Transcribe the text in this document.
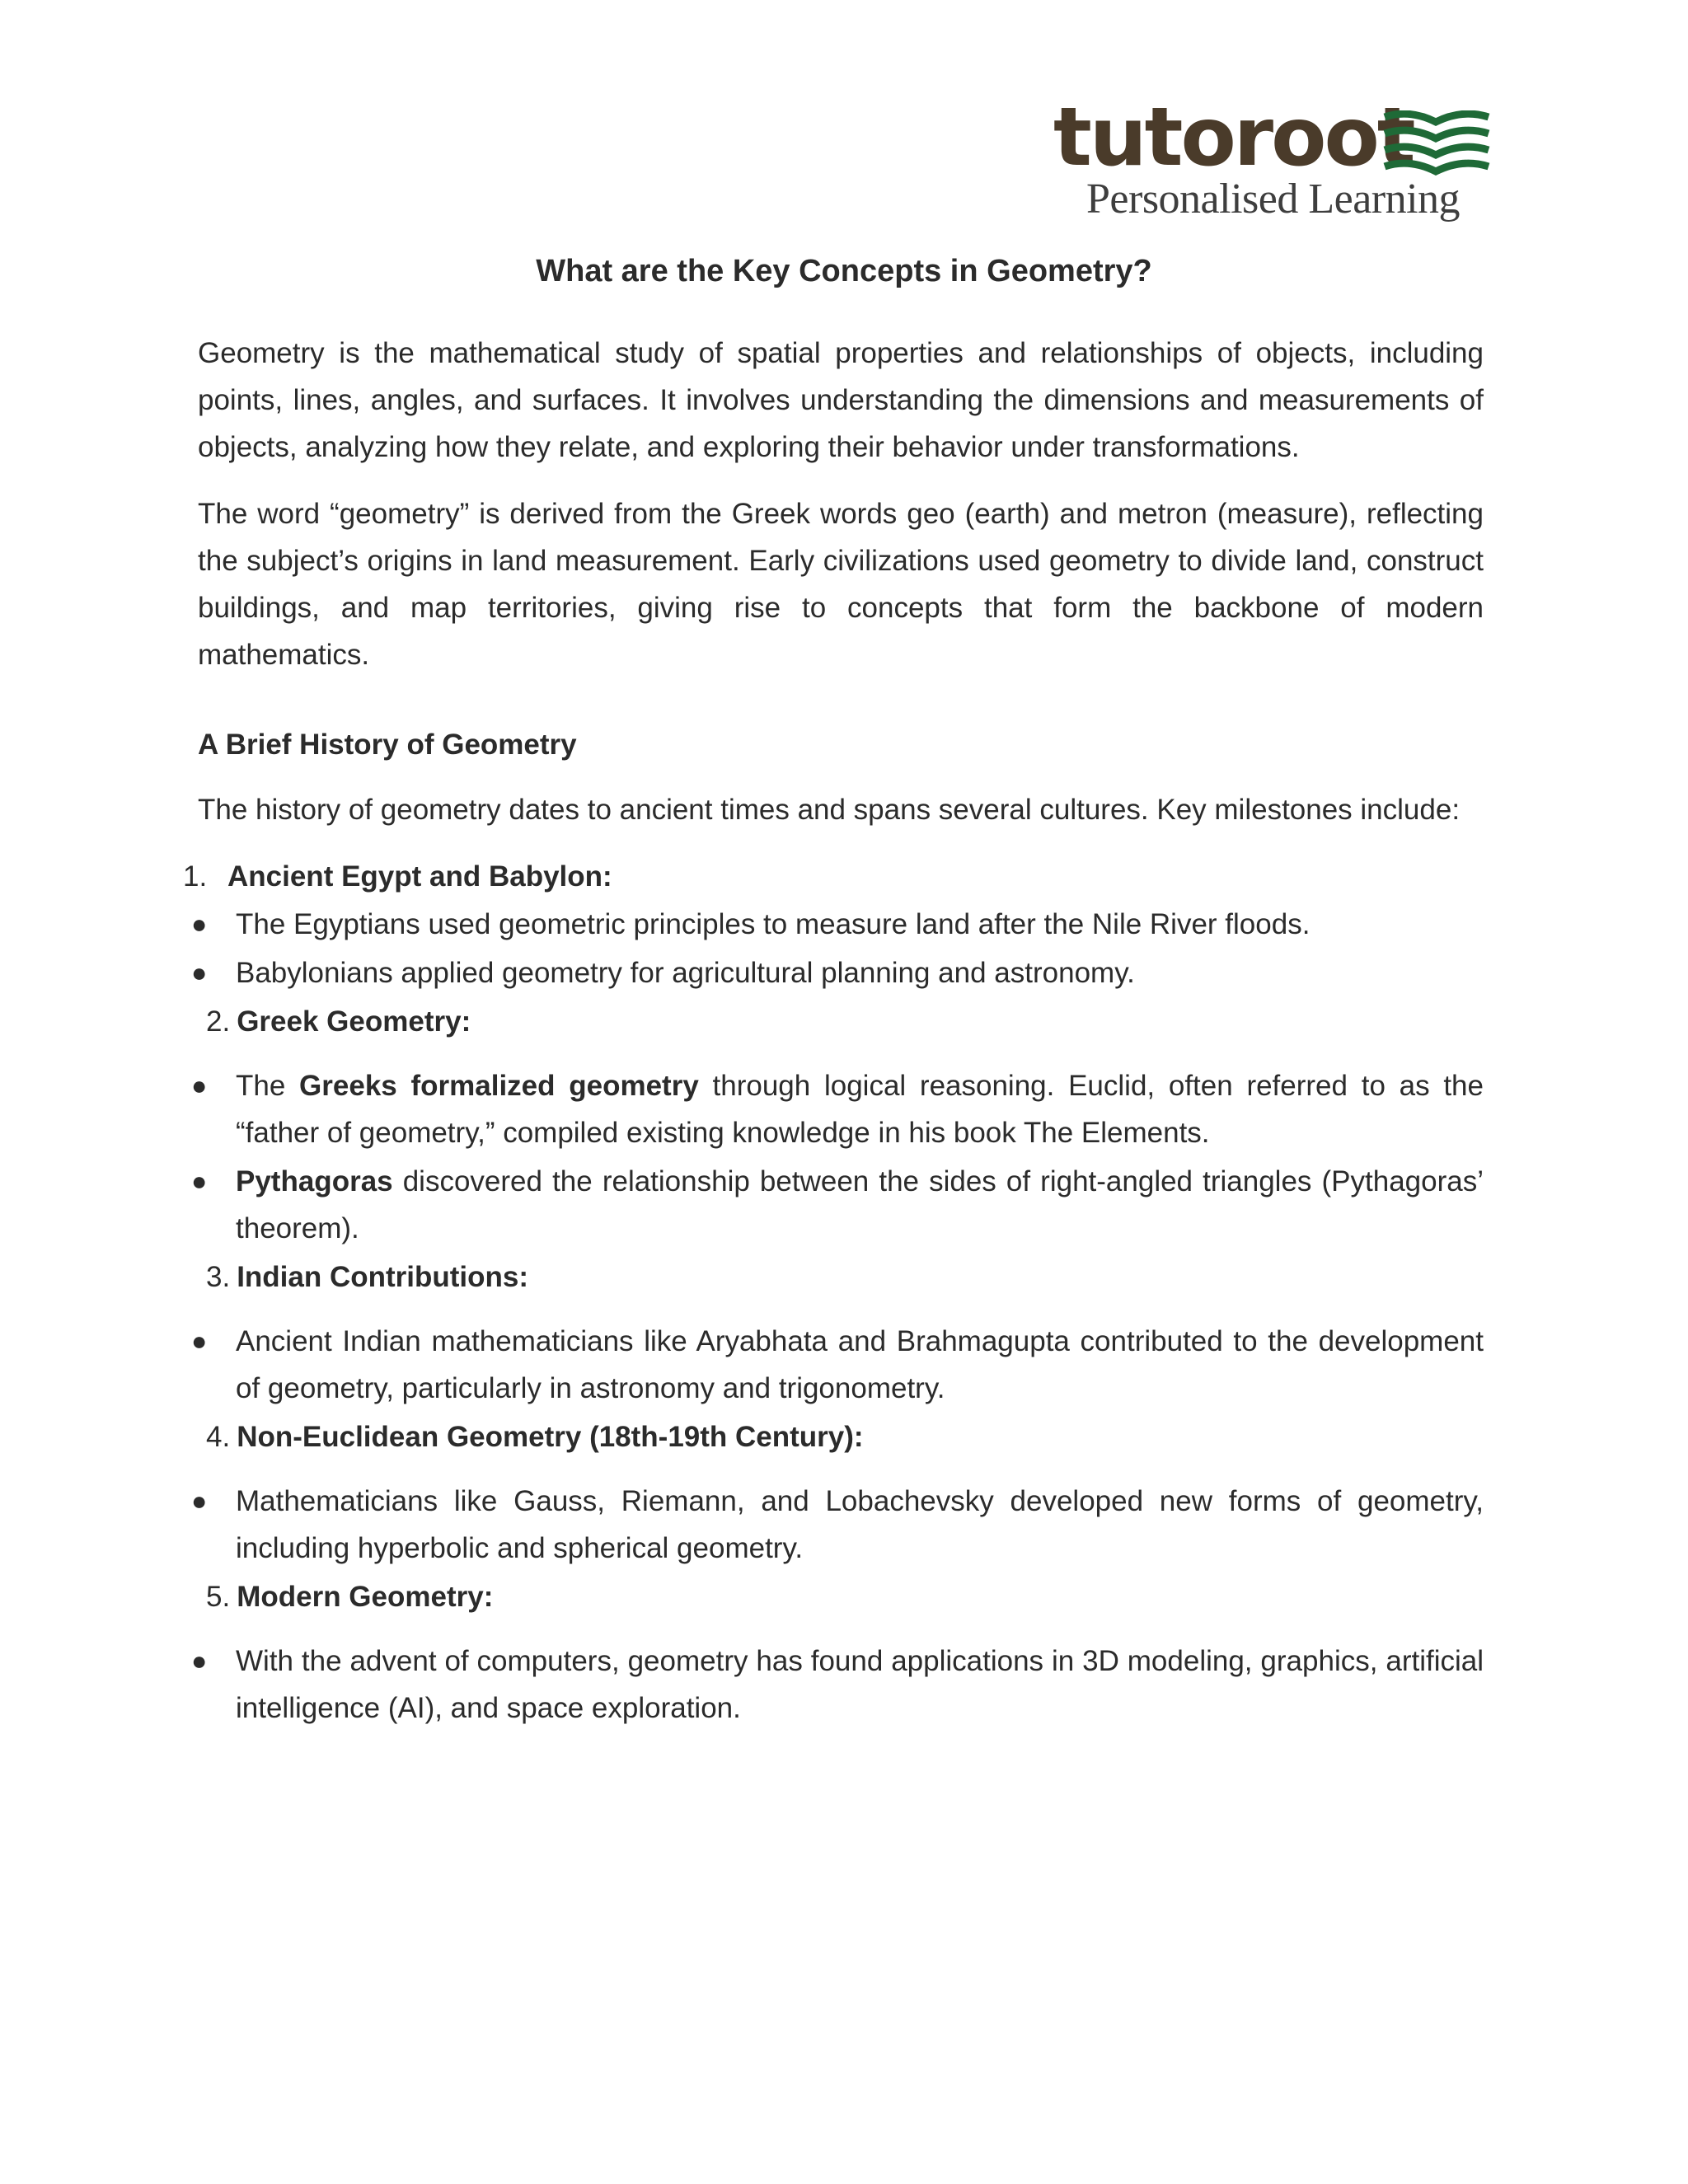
tutoroot
Personalised Learning
What are the Key Concepts in Geometry?

Geometry is the mathematical study of spatial properties and relationships of objects, including points, lines, angles, and surfaces. It involves understanding the dimensions and measurements of objects, analyzing how they relate, and exploring their behavior under transformations.

The word “geometry” is derived from the Greek words geo (earth) and metron (measure), reflecting the subject’s origins in land measurement. Early civilizations used geometry to divide land, construct buildings, and map territories, giving rise to concepts that form the backbone of modern mathematics.

A Brief History of Geometry

The history of geometry dates to ancient times and spans several cultures. Key milestones include:

1. Ancient Egypt and Babylon:
● The Egyptians used geometric principles to measure land after the Nile River floods.
● Babylonians applied geometry for agricultural planning and astronomy.
2. Greek Geometry:
● The Greeks formalized geometry through logical reasoning. Euclid, often referred to as the “father of geometry,” compiled existing knowledge in his book The Elements.
● Pythagoras discovered the relationship between the sides of right-angled triangles (Pythagoras’ theorem).
3. Indian Contributions:
● Ancient Indian mathematicians like Aryabhata and Brahmagupta contributed to the development of geometry, particularly in astronomy and trigonometry.
4. Non-Euclidean Geometry (18th-19th Century):
● Mathematicians like Gauss, Riemann, and Lobachevsky developed new forms of geometry, including hyperbolic and spherical geometry.
5. Modern Geometry:
● With the advent of computers, geometry has found applications in 3D modeling, graphics, artificial intelligence (AI), and space exploration.
